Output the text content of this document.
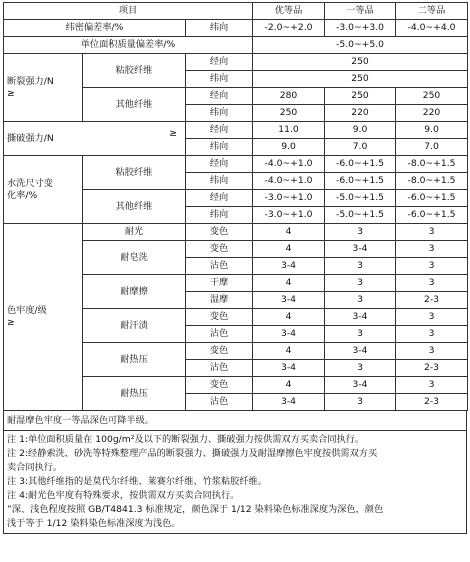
项目			优等品	一等品	二等品
纬密偏差率/%		纬向	-2.0~+2.0	-3.0~+3.0	-4.0~+4.0
单位面积质量偏差率/%			-5.0~+5.0		

断裂强力/N
≥	粘胶纤维	经向	250		
		纬向	250		
	其他纤维	经向	280	250	250
		纬向	250	220	220
撕破强力/N ≥		经向	11.0	9.0	9.0
		纬向	9.0	7.0	7.0

水洗尺寸变
化率/%	粘胶纤维	经向	-4.0~+1.0	-6.0~+1.5	-8.0~+1.5
		纬向	-4.0~+1.0	-6.0~+1.5	-8.0~+1.5
	其他纤维	经向	-3.0~+1.0	-5.0~+1.5	-6.0~+1.5
		纬向	-3.0~+1.0	-5.0~+1.5	-6.0~+1.5

色牢度/级
≥	耐光	变色	4	3	3
	耐皂洗	变色	4	3-4	3
		沾色	3-4	3	3
	耐摩擦	干摩	4	3	3
		湿摩	3-4	3	2-3
	耐汗渍	变色	4	3-4	3
		沾色	3-4	3	3
	耐热压	变色	4	3-4	3
		沾色	3-4	3	2-3
	耐热压	变色	4	3-4	3
		沾色	3-4	3	2-3
耐湿摩色牢度一等品深色可降半级。
注 1:单位面积质量在 100g/m²及以下的断裂强力、撕破强力按供需双方买卖合同执行。
注 2:经静索洗、砂洗等特殊整理产品的断裂强力、撕破强力及耐湿摩擦色牢度按供需双方买
卖合同执行。
注 3:其他纤维指的是莫代尔纤维、莱赛尔纤维、竹浆粘胶纤维。
注 4:耐光色牢度有特殊要求，按供需双方买卖合同执行。
”深、浅色程度按照 GB/T4841.3 标准规定，颜色深于 1/12 染料染色标准深度为深色，颜色
浅于等于 1/12 染料染色标准深度为浅色。
